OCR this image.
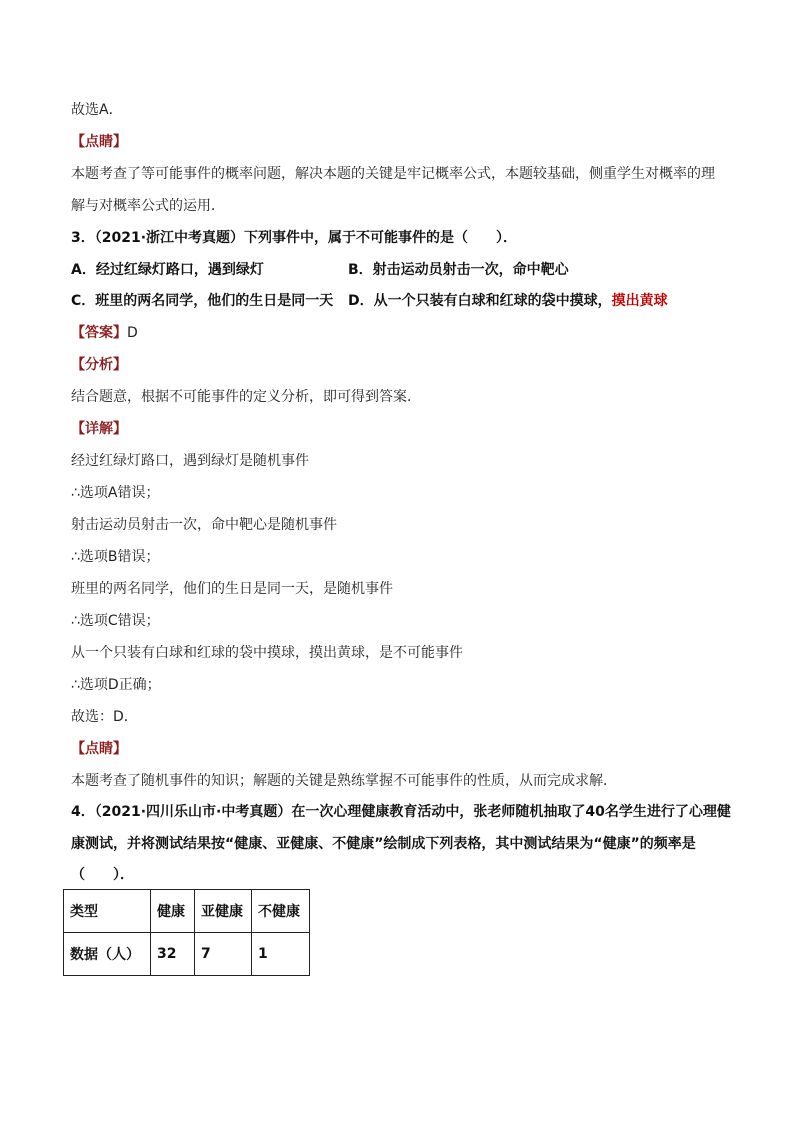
故选A．
【点睛】
本题考查了等可能事件的概率问题，解决本题的关键是牢记概率公式，本题较基础，侧重学生对概率的理
解与对概率公式的运用．
3．（2021·浙江中考真题）下列事件中，属于不可能事件的是（　　）．
A．经过红绿灯路口，遇到绿灯	B．射击运动员射击一次，命中靶心
C．班里的两名同学，他们的生日是同一天 D．从一个只装有白球和红球的袋中摸球，摸出黄球
【答案】D
【分析】
结合题意，根据不可能事件的定义分析，即可得到答案．
【详解】
经过红绿灯路口，遇到绿灯是随机事件
∴选项A错误；
射击运动员射击一次，命中靶心是随机事件
∴选项B错误；
班里的两名同学，他们的生日是同一天，是随机事件
∴选项C错误；
从一个只装有白球和红球的袋中摸球，摸出黄球，是不可能事件
∴选项D正确；
故选：D．
【点睛】
本题考查了随机事件的知识；解题的关键是熟练掌握不可能事件的性质，从而完成求解．
4．（2021·四川乐山市·中考真题）在一次心理健康教育活动中，张老师随机抽取了40名学生进行了心理健
康测试，并将测试结果按“健康、亚健康、不健康”绘制成下列表格，其中测试结果为“健康”的频率是
（　　）．
类型	健康	亚健康	不健康
数据（人）	32	7	1
